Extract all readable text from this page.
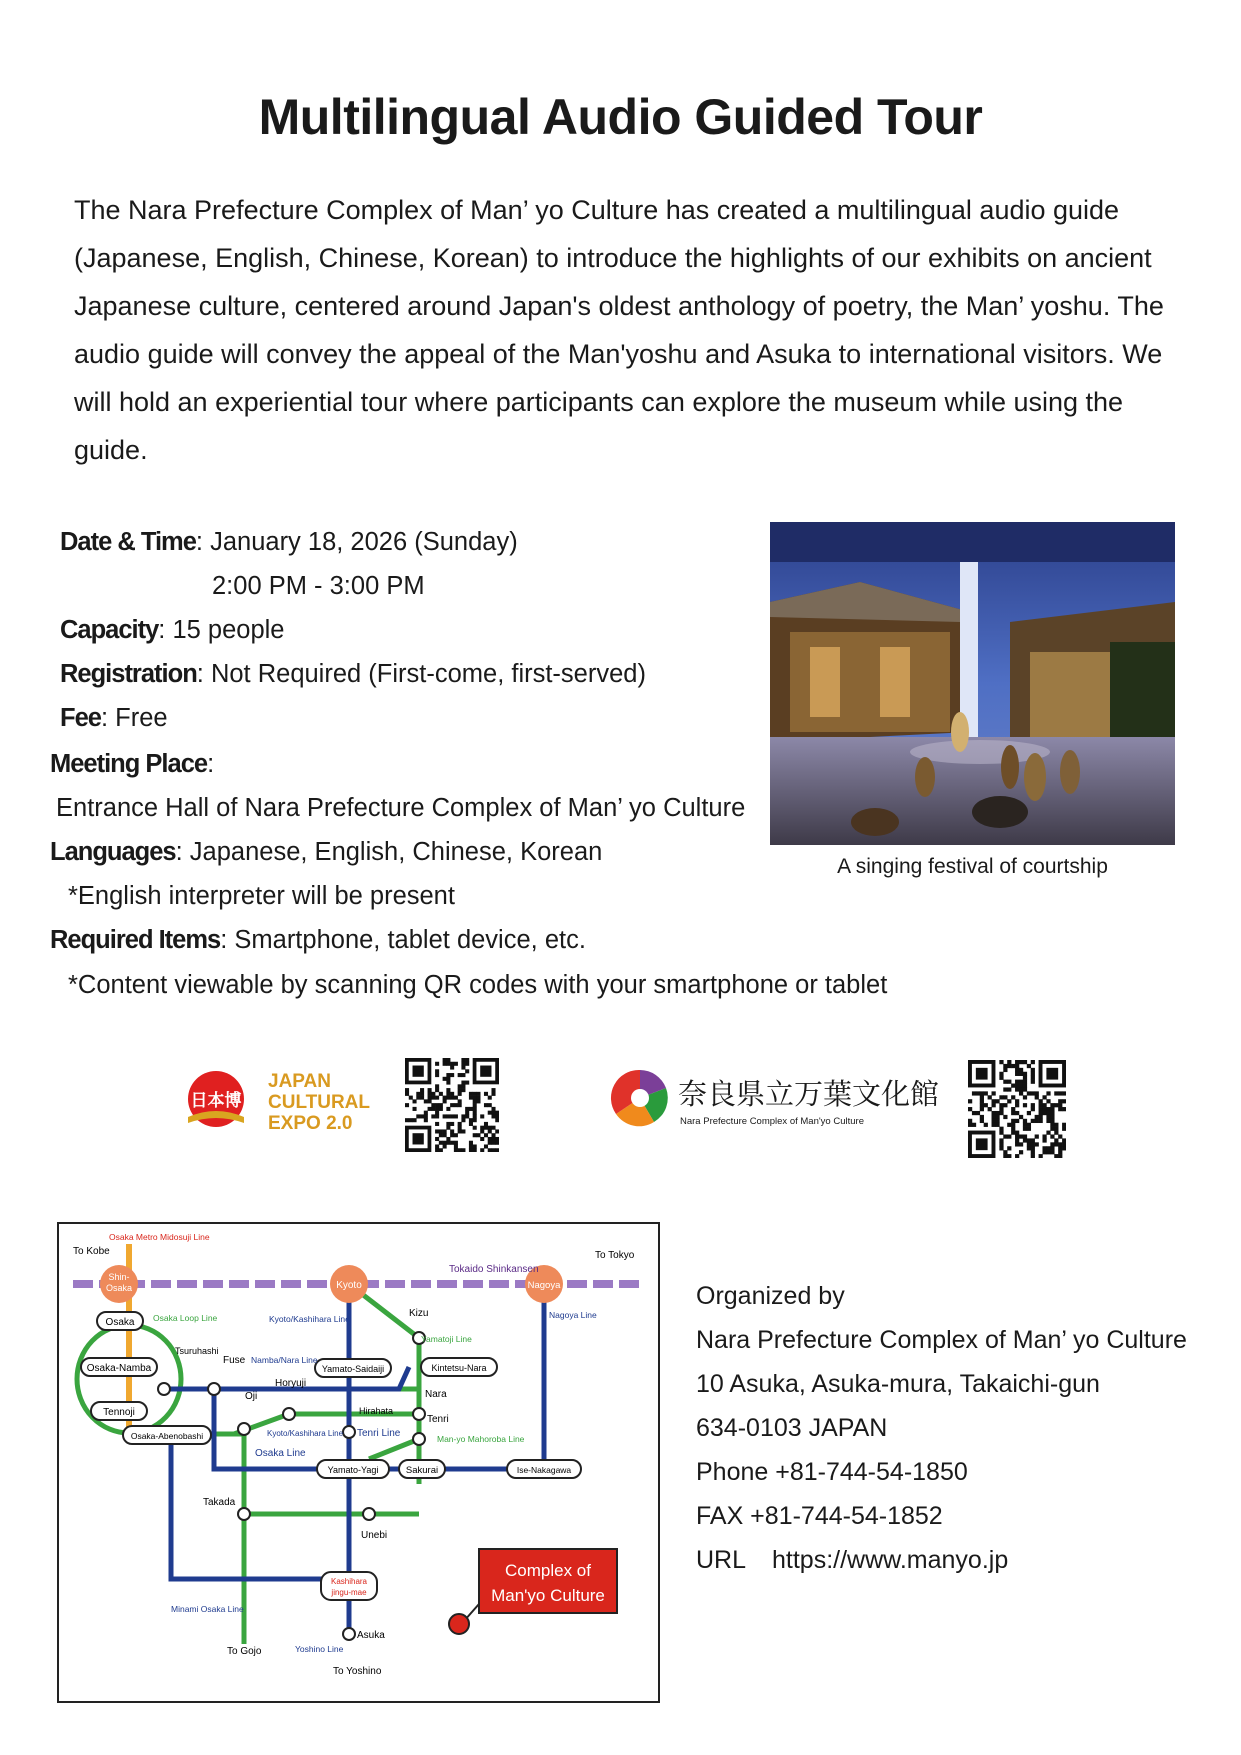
Multilingual Audio Guided Tour
The Nara Prefecture Complex of Man’ yo Culture has created a multilingual audio guide (Japanese, English, Chinese, Korean) to introduce the highlights of our exhibits on ancient Japanese culture, centered around Japan's oldest anthology of poetry, the Man’ yoshu. The audio guide will convey the appeal of the Man'yoshu and Asuka to international visitors. We will hold an experiential tour where participants can explore the museum while using the guide.
Date & Time: January 18, 2026 (Sunday)
2:00 PM - 3:00 PM
Capacity: 15 people
Registration: Not Required (First-come, first-served)
Fee: Free
Meeting Place:
Entrance Hall of Nara Prefecture Complex of Man’ yo Culture
Languages: Japanese, English, Chinese, Korean
*English interpreter will be present
Required Items: Smartphone, tablet device, etc.
*Content viewable by scanning QR codes with your smartphone or tablet
A singing festival of courtship
日本博
JAPAN
CULTURAL
EXPO 2.0
奈良県立万葉文化館
Nara Prefecture Complex of Man'yo Culture
Shin-
Osaka	Kyoto	Nagoya
Osaka
Osaka-Namba
Tennoji
Osaka-Abenobashi
Yamato-Saidaiji	Kintetsu-Nara
Yamato-Yagi	Sakurai	Ise-Nakagawa
Kashihara
jingu-mae
To Kobe
Osaka Metro Midosuji Line
To Tokyo
Tokaido Shinkansen
Osaka Loop Line	Kyoto/Kashihara Line	Kizu	Nagoya Line
Yamatoji Line
Tsuruhashi
Fuse Namba/Nara Line
Horyuji
Oji	Nara
Hirahata
Tenri
Kyoto/Kashihara Line Tenri Line	Man-yo Mahoroba Line
Osaka Line
Takada
Unebi
Minami Osaka Line
Asuka
To Gojo	Yoshino Line
To Yoshino
Complex of
Man'yo Culture
Organized by
Nara Prefecture Complex of Man’ yo Culture
10 Asuka, Asuka-mura, Takaichi-gun
634-0103 JAPAN
Phone +81-744-54-1850
FAX +81-744-54-1852
URL https://www.manyo.jp
